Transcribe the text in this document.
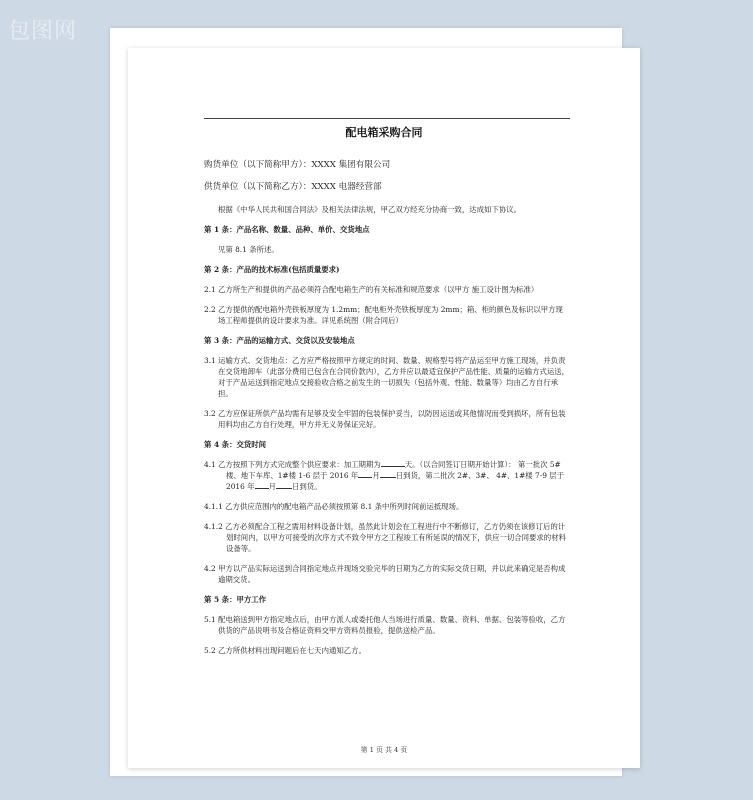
包图网
配电箱采购合同

购货单位（以下简称甲方）：XXXX 集团有限公司

供货单位（以下简称乙方）：XXXX 电器经营部

根据《中华人民共和国合同法》及相关法律法规，甲乙双方经充分协商一致，达成如下协议。

第 1 条：产品名称、数量、品种、单价、交货地点

见第 8.1 条所述。

第 2 条：产品的技术标准(包括质量要求)

2.1 乙方所生产和提供的产品必须符合配电箱生产的有关标准和规范要求（以甲方 施工设计图为标准）

2.2 乙方提供的配电箱外壳铁板厚度为 1.2mm；配电柜外壳铁板厚度为 2mm；箱、柜的颜色及标识以甲方现场工程师提供的设计要求为准。详见系统图（附合同后）

第 3 条：产品的运输方式、交货以及安装地点

3.1 运输方式、交货地点：乙方应严格按照甲方规定的时间、数量、规格型号将产品运至甲方施工现场，并负责在交货地卸车（此部分费用已包含在合同价款内），乙方并应以最适宜保护产品性能、质量的运输方式运送，对于产品运送到指定地点交接验收合格之前发生的一切损失（包括外观、性能、数量等）均由乙方自行承担。

3.2 乙方应保证所供产品均需有足够及安全牢固的包装保护妥当，以防因运送或其他情况而受到损坏，所有包装用料均由乙方自行处理，甲方并无义务保证完好。

第 4 条：交货时间

4.1 乙方按照下列方式完成整个供应要求：加工期期为	天。（以合同签订日期开始计算）： 第一批次 5#楼、地下车库、1#楼 1-6 层于 2016 年 月 日到货，第二批次 2#、3#、 4#、1#楼 7-9 层于 2016 年 月 日到货。

4.1.1 乙方供应范围内的配电箱产品必须按照第 8.1 条中所列时间前运抵现场。

4.1.2 乙方必须配合工程之需用材料设备计划，虽然此计划会在工程进行中不断修订，乙方仍须在该修订后的计划时间内，以甲方可接受的次序方式不致令甲方之工程竣工有所延误的情况下，供应一切合同要求的材料设备等。

4.2 甲方以产品实际运送到合同指定地点并现场交验完毕的日期为乙方的实际交货日期，并以此来确定是否构成逾期交货。

第 5 条：甲方工作

5.1 配电箱送到甲方指定地点后，由甲方派人或委托他人当场进行质量、数量、资料、单据、包装等验收，乙方供货的产品说明书及合格证资料交甲方资料员报验，提供送检产品。

5.2 乙方所供材料出现问题后在七天内通知乙方。

第 1 页 共 4 页
